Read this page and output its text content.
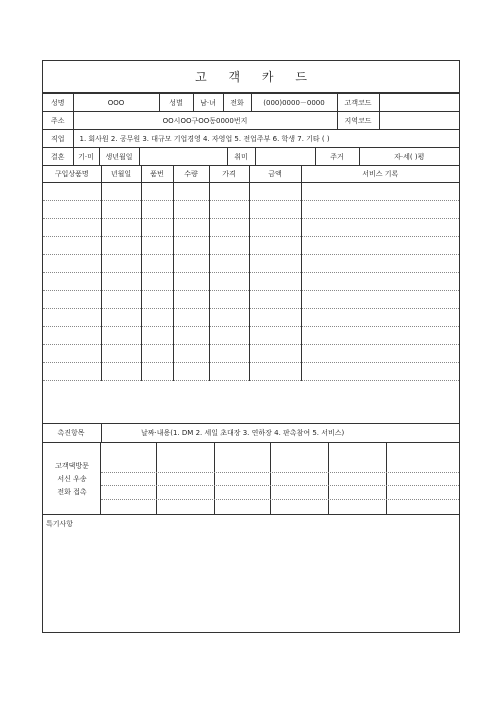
고 객 카 드
성명	OOO	성별	남·녀	전화	(000)0000－0000	고객코드	
주소	OO시OO구OO동0000번지					지역코드	
직업	1. 회사원 2. 공무원 3. 대규모 기업경영 4. 자영업 5. 전업주부 6. 학생 7. 기타 ( )						
결혼	기·미	생년월일		취미		주거	자·세( )평
구입상품명	년월일	품번	수량	가격	금액	서비스 기록

촉진항목	날짜·내용(1. DM 2. 세일 초대장 3. 연하장 4. 판촉참여 5. 서비스)
고객댁방문
서신 우송
전화 접촉
특기사항
